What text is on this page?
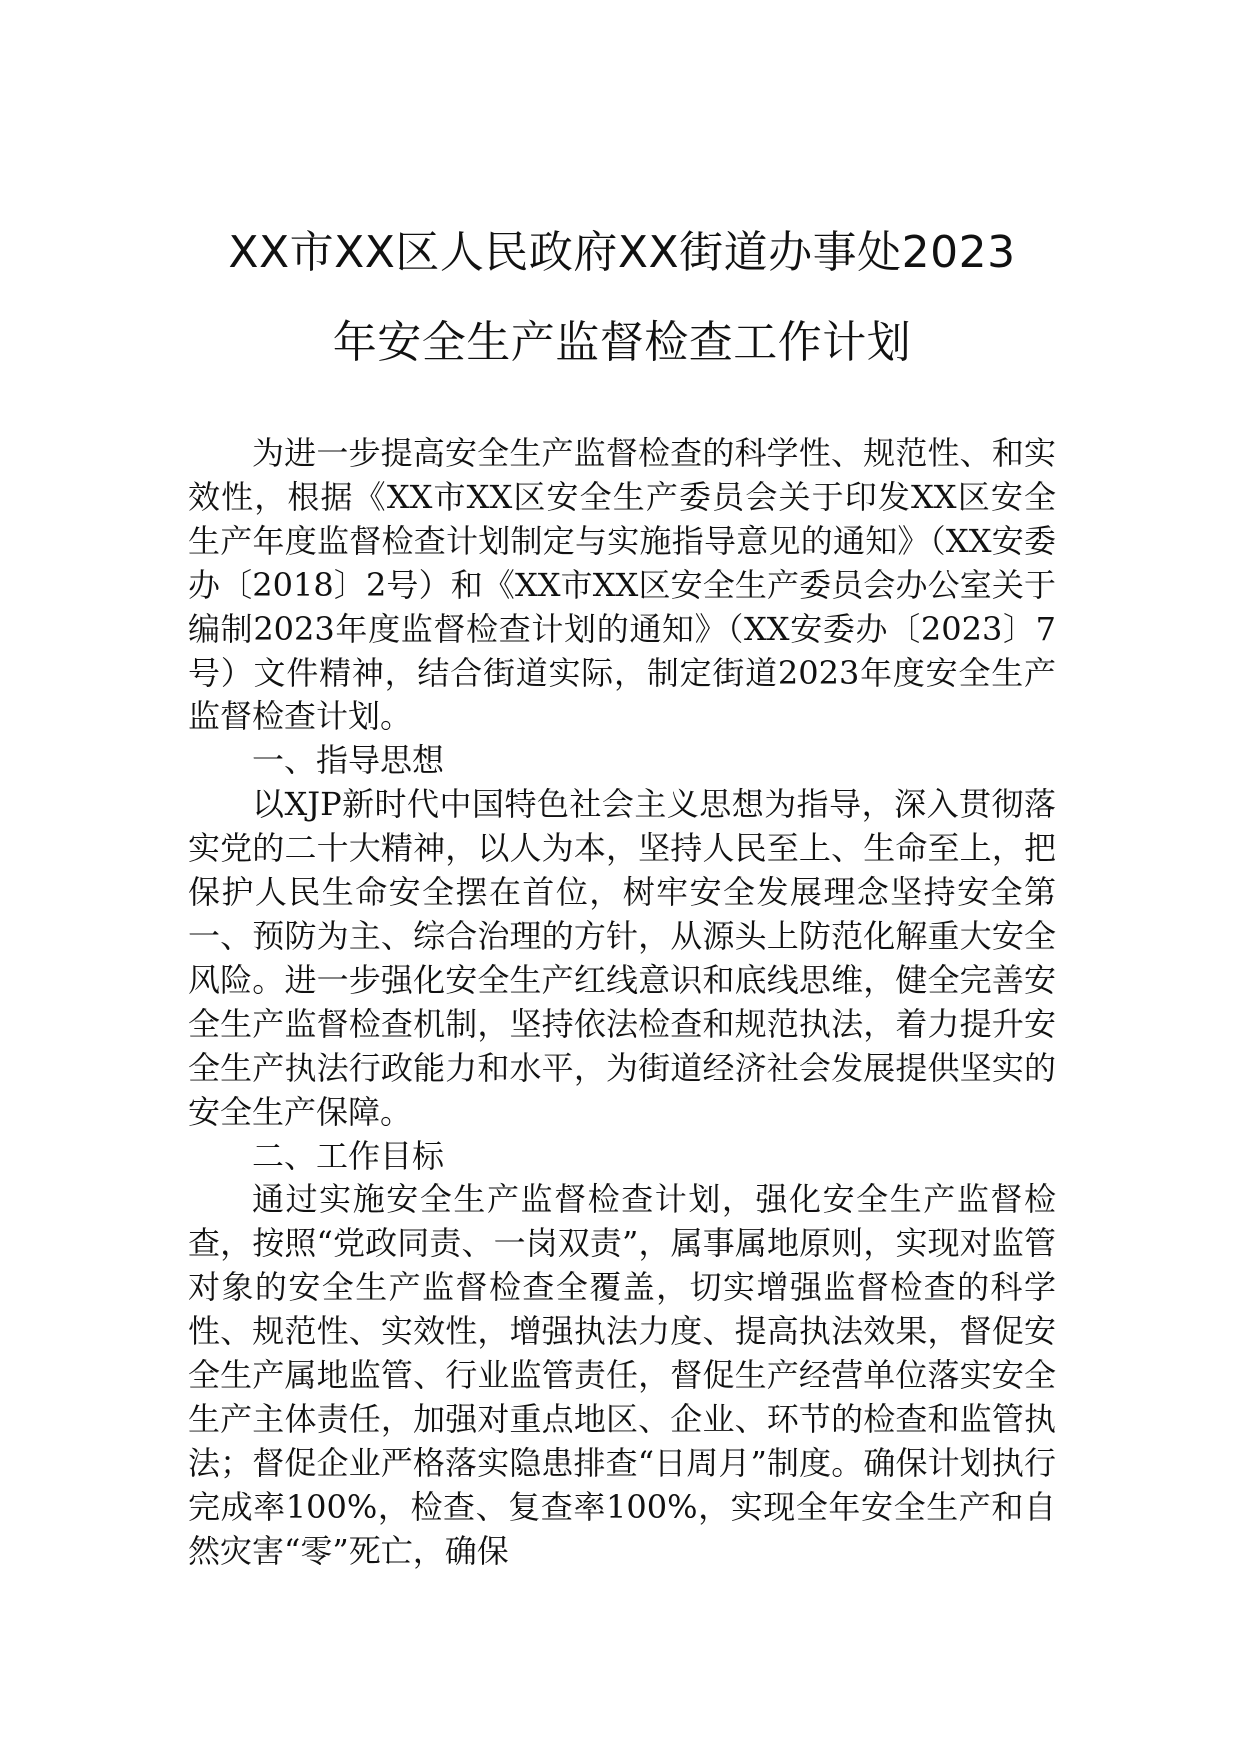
XX市XX区人民政府XX街道办事处2023
年安全生产监督检查工作计划

为进一步提高安全生产监督检查的科学性、规范性、和实效性，根据《XX市XX区安全生产委员会关于印发XX区安全生产年度监督检查计划制定与实施指导意见的通知》（XX安委办〔2018〕2号）和《XX市XX区安全生产委员会办公室关于编制2023年度监督检查计划的通知》（XX安委办〔2023〕7号）文件精神，结合街道实际，制定街道2023年度安全生产监督检查计划。

一、指导思想

以XJP新时代中国特色社会主义思想为指导，深入贯彻落实党的二十大精神，以人为本，坚持人民至上、生命至上，把保护人民生命安全摆在首位，树牢安全发展理念坚持安全第一、预防为主、综合治理的方针，从源头上防范化解重大安全风险。进一步强化安全生产红线意识和底线思维，健全完善安全生产监督检查机制，坚持依法检查和规范执法，着力提升安全生产执法行政能力和水平，为街道经济社会发展提供坚实的安全生产保障。

二、工作目标

通过实施安全生产监督检查计划，强化安全生产监督检查，按照“党政同责、一岗双责”，属事属地原则，实现对监管对象的安全生产监督检查全覆盖，切实增强监督检查的科学性、规范性、实效性，增强执法力度、提高执法效果，督促安全生产属地监管、行业监管责任，督促生产经营单位落实安全生产主体责任，加强对重点地区、企业、环节的检查和监管执法；督促企业严格落实隐患排查“日周月”制度。确保计划执行完成率100%，检查、复查率100%，实现全年安全生产和自然灾害“零”死亡，确保
